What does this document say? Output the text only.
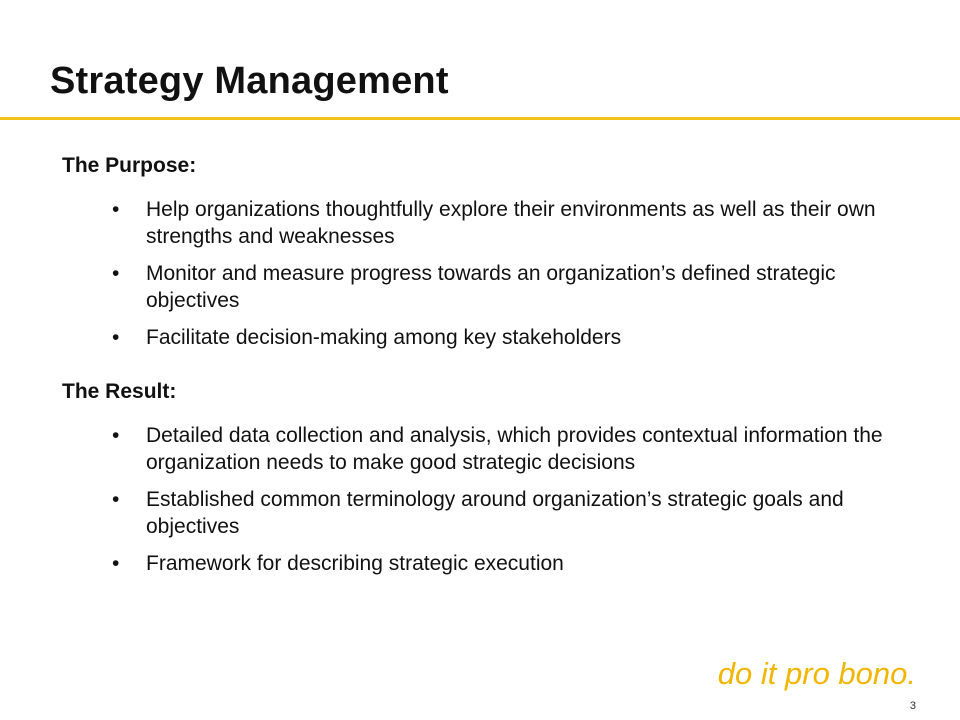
Strategy Management
The Purpose:
•	Help organizations thoughtfully explore their environments as well as their own strengths and weaknesses
•	Monitor and measure progress towards an organization’s defined strategic objectives
•	Facilitate decision-making among key stakeholders
The Result:
•	Detailed data collection and analysis, which provides contextual information the organization needs to make good strategic decisions
•	Established common terminology around organization’s strategic goals and objectives
•	Framework for describing strategic execution
do it pro bono.
3
